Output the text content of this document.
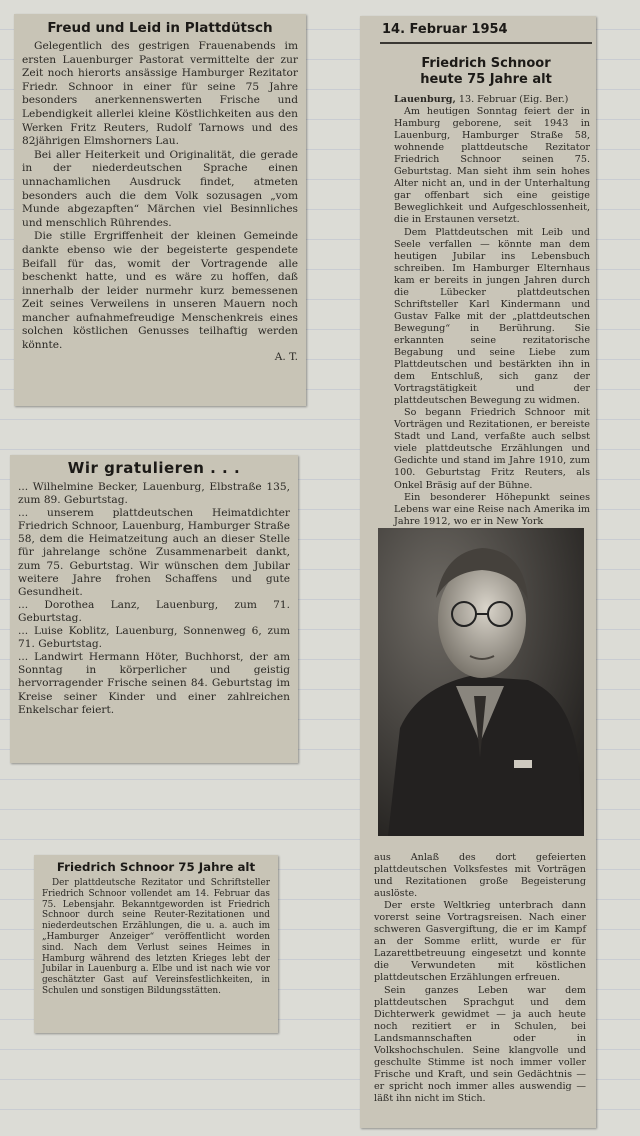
Freud und Leid in Plattdütsch

Gelegentlich des gestrigen Frauenabends im ersten Lauenburger Pastorat vermittelte der zur Zeit noch hierorts ansässige Hamburger Rezitator Friedr. Schnoor in einer für seine 75 Jahre besonders anerkennenswerten Frische und Lebendigkeit allerlei kleine Köstlichkeiten aus den Werken Fritz Reuters, Rudolf Tarnows und des 82jährigen Elmshorners Lau.

Bei aller Heiterkeit und Originalität, die gerade in der niederdeutschen Sprache einen unnachamlichen Ausdruck findet, atmeten besonders auch die dem Volk sozusagen „vom Munde abgezapften“ Märchen viel Besinnliches und menschlich Rührendes.

Die stille Ergriffenheit der kleinen Gemeinde dankte ebenso wie der begeisterte gespendete Beifall für das, womit der Vortragende alle beschenkt hatte, und es wäre zu hoffen, daß innerhalb der leider nurmehr kurz bemessenen Zeit seines Verweilens in unseren Mauern noch mancher aufnahmefreudige Menschenkreis eines solchen köstlichen Genusses teilhaftig werden könnte.

A. T.
Wir gratulieren . . .

... Wilhelmine Becker, Lauenburg, Elbstraße 135, zum 89. Geburtstag.

... unserem plattdeutschen Heimatdichter Friedrich Schnoor, Lauenburg, Hamburger Straße 58, dem die Heimatzeitung auch an dieser Stelle für jahrelange schöne Zusammenarbeit dankt, zum 75. Geburtstag. Wir wünschen dem Jubilar weitere Jahre frohen Schaffens und gute Gesundheit.

... Dorothea Lanz, Lauenburg, zum 71. Geburtstag.

... Luise Koblitz, Lauenburg, Sonnenweg 6, zum 71. Geburtstag.

... Landwirt Hermann Höter, Buchhorst, der am Sonntag in körperlicher und geistig hervorragender Frische seinen 84. Geburtstag im Kreise seiner Kinder und einer zahlreichen Enkelschar feiert.

Friedrich Schnoor 75 Jahre alt

Der plattdeutsche Rezitator und Schriftsteller Friedrich Schnoor vollendet am 14. Februar das 75. Lebensjahr. Bekanntgeworden ist Friedrich Schnoor durch seine Reuter-Rezitationen und niederdeutschen Erzählungen, die u. a. auch im „Hamburger Anzeiger“ veröffentlicht worden sind. Nach dem Verlust seines Heimes in Hamburg während des letzten Krieges lebt der Jubilar in Lauenburg a. Elbe und ist nach wie vor geschätzter Gast auf Vereinsfestlichkeiten, in Schulen und sonstigen Bildungsstätten.

14. Februar 1954
Friedrich Schnoor
heute 75 Jahre alt

Lauenburg, 13. Februar (Eig. Ber.)

Am heutigen Sonntag feiert der in Hamburg geborene, seit 1943 in Lauenburg, Hamburger Straße 58, wohnende plattdeutsche Rezitator Friedrich Schnoor seinen 75. Geburtstag. Man sieht ihm sein hohes Alter nicht an, und in der Unterhaltung gar offenbart sich eine geistige Beweglichkeit und Aufgeschlossenheit, die in Erstaunen versetzt.

Dem Plattdeutschen mit Leib und Seele verfallen — könnte man dem heutigen Jubilar ins Lebensbuch schreiben. Im Hamburger Elternhaus kam er bereits in jungen Jahren durch die Lübecker plattdeutschen Schriftsteller Karl Kindermann und Gustav Falke mit der „plattdeutschen Bewegung“ in Berührung. Sie erkannten seine rezitatorische Begabung und seine Liebe zum Plattdeutschen und bestärkten ihn in dem Entschluß, sich ganz der Vortragstätigkeit und der plattdeutschen Bewegung zu widmen.

So begann Friedrich Schnoor mit Vorträgen und Rezitationen, er bereiste Stadt und Land, verfaßte auch selbst viele plattdeutsche Erzählungen und Gedichte und stand im Jahre 1910, zum 100. Geburtstag Fritz Reuters, als Onkel Bräsig auf der Bühne.

Ein besonderer Höhepunkt seines Lebens war eine Reise nach Amerika im Jahre 1912, wo er in New York

aus Anlaß des dort gefeierten plattdeutschen Volksfestes mit Vorträgen und Rezitationen große Begeisterung auslöste.

Der erste Weltkrieg unterbrach dann vorerst seine Vortragsreisen. Nach einer schweren Gasvergiftung, die er im Kampf an der Somme erlitt, wurde er für Lazarettbetreuung eingesetzt und konnte die Verwundeten mit köstlichen plattdeutschen Erzählungen erfreuen.

Sein ganzes Leben war dem plattdeutschen Sprachgut und dem Dichterwerk gewidmet — ja auch heute noch rezitiert er in Schulen, bei Landsmannschaften oder in Volkshochschulen. Seine klangvolle und geschulte Stimme ist noch immer voller Frische und Kraft, und sein Gedächtnis — er spricht noch immer alles auswendig — läßt ihn nicht im Stich.
